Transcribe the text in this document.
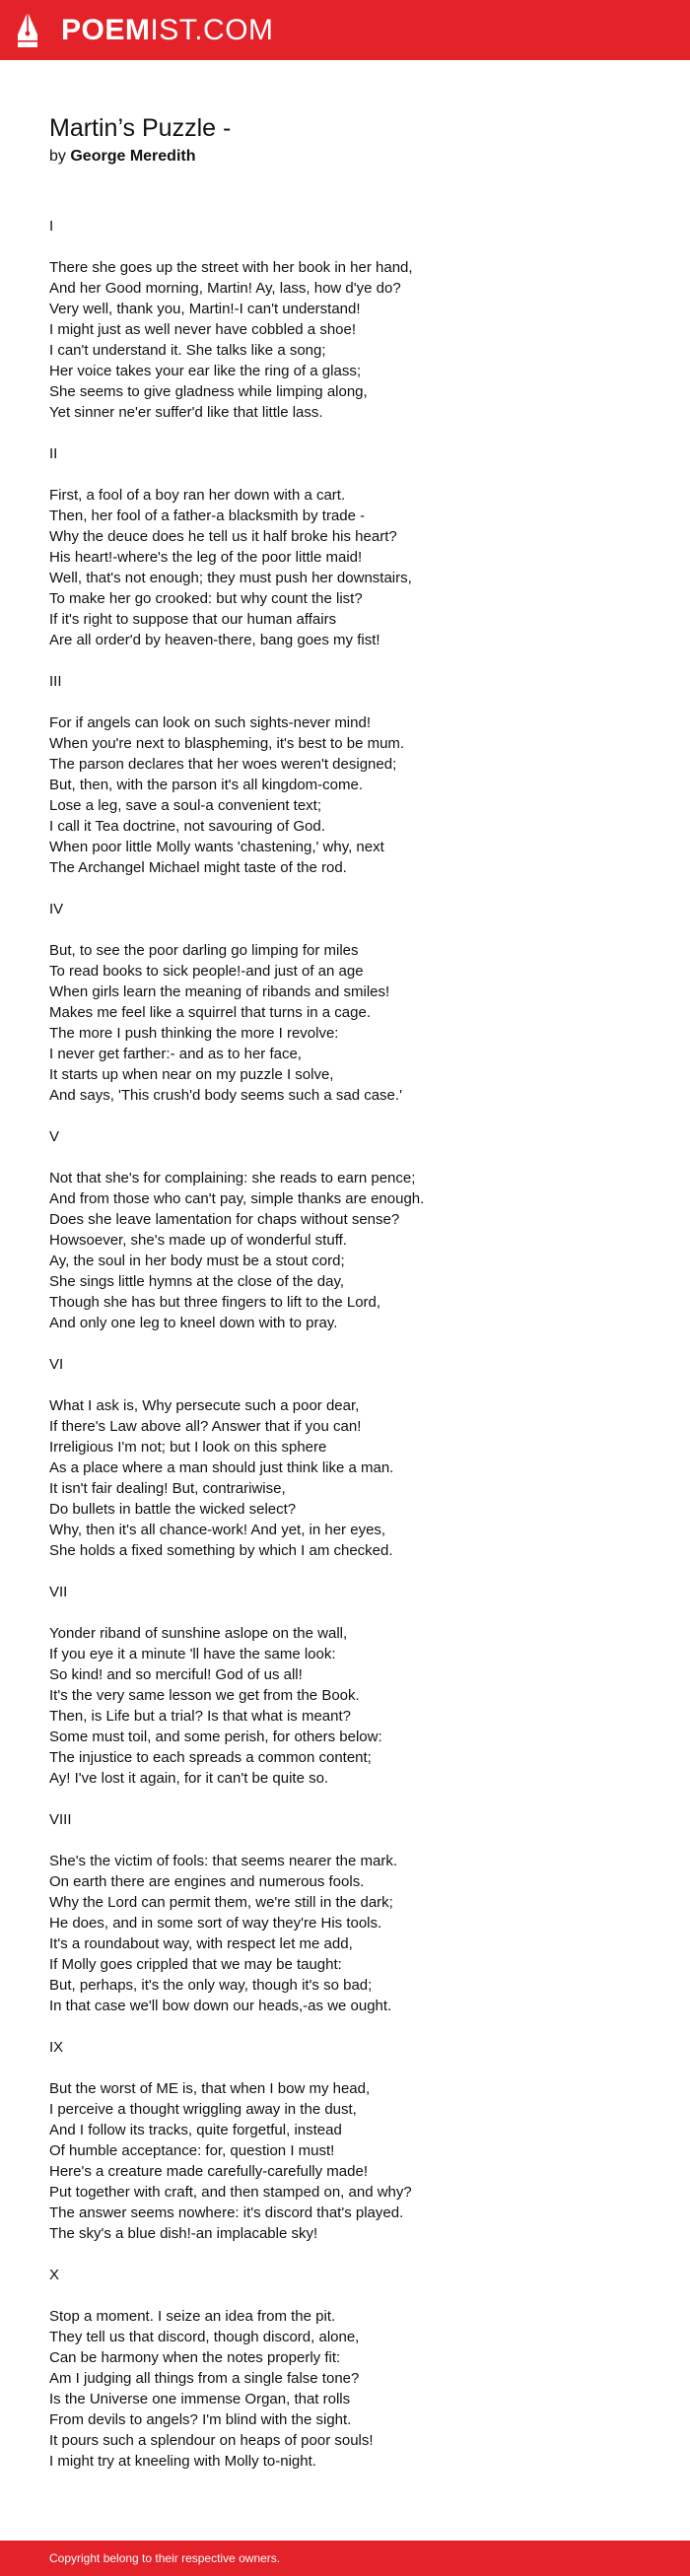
POEMIST.COM
Martin’s Puzzle -
by George Meredith
I
There she goes up the street with her book in her hand,
And her Good morning, Martin! Ay, lass, how d'ye do?
Very well, thank you, Martin!-I can't understand!
I might just as well never have cobbled a shoe!
I can't understand it. She talks like a song;
Her voice takes your ear like the ring of a glass;
She seems to give gladness while limping along,
Yet sinner ne'er suffer'd like that little lass.
II
First, a fool of a boy ran her down with a cart.
Then, her fool of a father-a blacksmith by trade -
Why the deuce does he tell us it half broke his heart?
His heart!-where's the leg of the poor little maid!
Well, that's not enough; they must push her downstairs,
To make her go crooked: but why count the list?
If it's right to suppose that our human affairs
Are all order'd by heaven-there, bang goes my fist!
III
For if angels can look on such sights-never mind!
When you're next to blaspheming, it's best to be mum.
The parson declares that her woes weren't designed;
But, then, with the parson it's all kingdom-come.
Lose a leg, save a soul-a convenient text;
I call it Tea doctrine, not savouring of God.
When poor little Molly wants 'chastening,' why, next
The Archangel Michael might taste of the rod.
IV
But, to see the poor darling go limping for miles
To read books to sick people!-and just of an age
When girls learn the meaning of ribands and smiles!
Makes me feel like a squirrel that turns in a cage.
The more I push thinking the more I revolve:
I never get farther:- and as to her face,
It starts up when near on my puzzle I solve,
And says, 'This crush'd body seems such a sad case.'
V
Not that she's for complaining: she reads to earn pence;
And from those who can't pay, simple thanks are enough.
Does she leave lamentation for chaps without sense?
Howsoever, she's made up of wonderful stuff.
Ay, the soul in her body must be a stout cord;
She sings little hymns at the close of the day,
Though she has but three fingers to lift to the Lord,
And only one leg to kneel down with to pray.
VI
What I ask is, Why persecute such a poor dear,
If there's Law above all? Answer that if you can!
Irreligious I'm not; but I look on this sphere
As a place where a man should just think like a man.
It isn't fair dealing! But, contrariwise,
Do bullets in battle the wicked select?
Why, then it's all chance-work! And yet, in her eyes,
She holds a fixed something by which I am checked.
VII
Yonder riband of sunshine aslope on the wall,
If you eye it a minute 'll have the same look:
So kind! and so merciful! God of us all!
It's the very same lesson we get from the Book.
Then, is Life but a trial? Is that what is meant?
Some must toil, and some perish, for others below:
The injustice to each spreads a common content;
Ay! I've lost it again, for it can't be quite so.
VIII
She's the victim of fools: that seems nearer the mark.
On earth there are engines and numerous fools.
Why the Lord can permit them, we're still in the dark;
He does, and in some sort of way they're His tools.
It's a roundabout way, with respect let me add,
If Molly goes crippled that we may be taught:
But, perhaps, it's the only way, though it's so bad;
In that case we'll bow down our heads,-as we ought.
IX
But the worst of ME is, that when I bow my head,
I perceive a thought wriggling away in the dust,
And I follow its tracks, quite forgetful, instead
Of humble acceptance: for, question I must!
Here's a creature made carefully-carefully made!
Put together with craft, and then stamped on, and why?
The answer seems nowhere: it's discord that's played.
The sky's a blue dish!-an implacable sky!
X
Stop a moment. I seize an idea from the pit.
They tell us that discord, though discord, alone,
Can be harmony when the notes properly fit:
Am I judging all things from a single false tone?
Is the Universe one immense Organ, that rolls
From devils to angels? I'm blind with the sight.
It pours such a splendour on heaps of poor souls!
I might try at kneeling with Molly to-night.
Copyright belong to their respective owners.
